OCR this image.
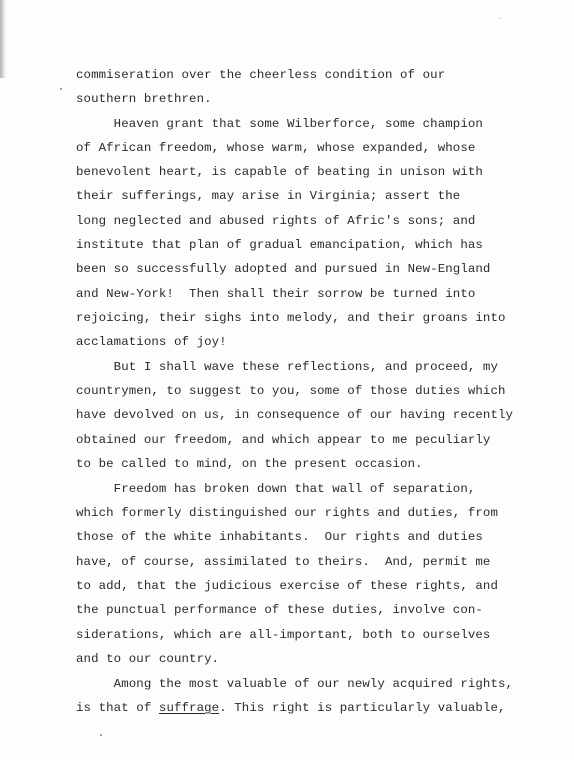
commiseration over the cheerless condition of our
southern brethren.
Heaven grant that some Wilberforce, some champion
of African freedom, whose warm, whose expanded, whose
benevolent heart, is capable of beating in unison with
their sufferings, may arise in Virginia; assert the
long neglected and abused rights of Afric's sons; and
institute that plan of gradual emancipation, which has
been so successfully adopted and pursued in New-England
and New-York!  Then shall their sorrow be turned into
rejoicing, their sighs into melody, and their groans into
acclamations of joy!
But I shall wave these reflections, and proceed, my
countrymen, to suggest to you, some of those duties which
have devolved on us, in consequence of our having recently
obtained our freedom, and which appear to me peculiarly
to be called to mind, on the present occasion.
Freedom has broken down that wall of separation,
which formerly distinguished our rights and duties, from
those of the white inhabitants.  Our rights and duties
have, of course, assimilated to theirs.  And, permit me
to add, that the judicious exercise of these rights, and
the punctual performance of these duties, involve con-
siderations, which are all-important, both to ourselves
and to our country.
Among the most valuable of our newly acquired rights,
is that of suffrage. This right is particularly valuable,
